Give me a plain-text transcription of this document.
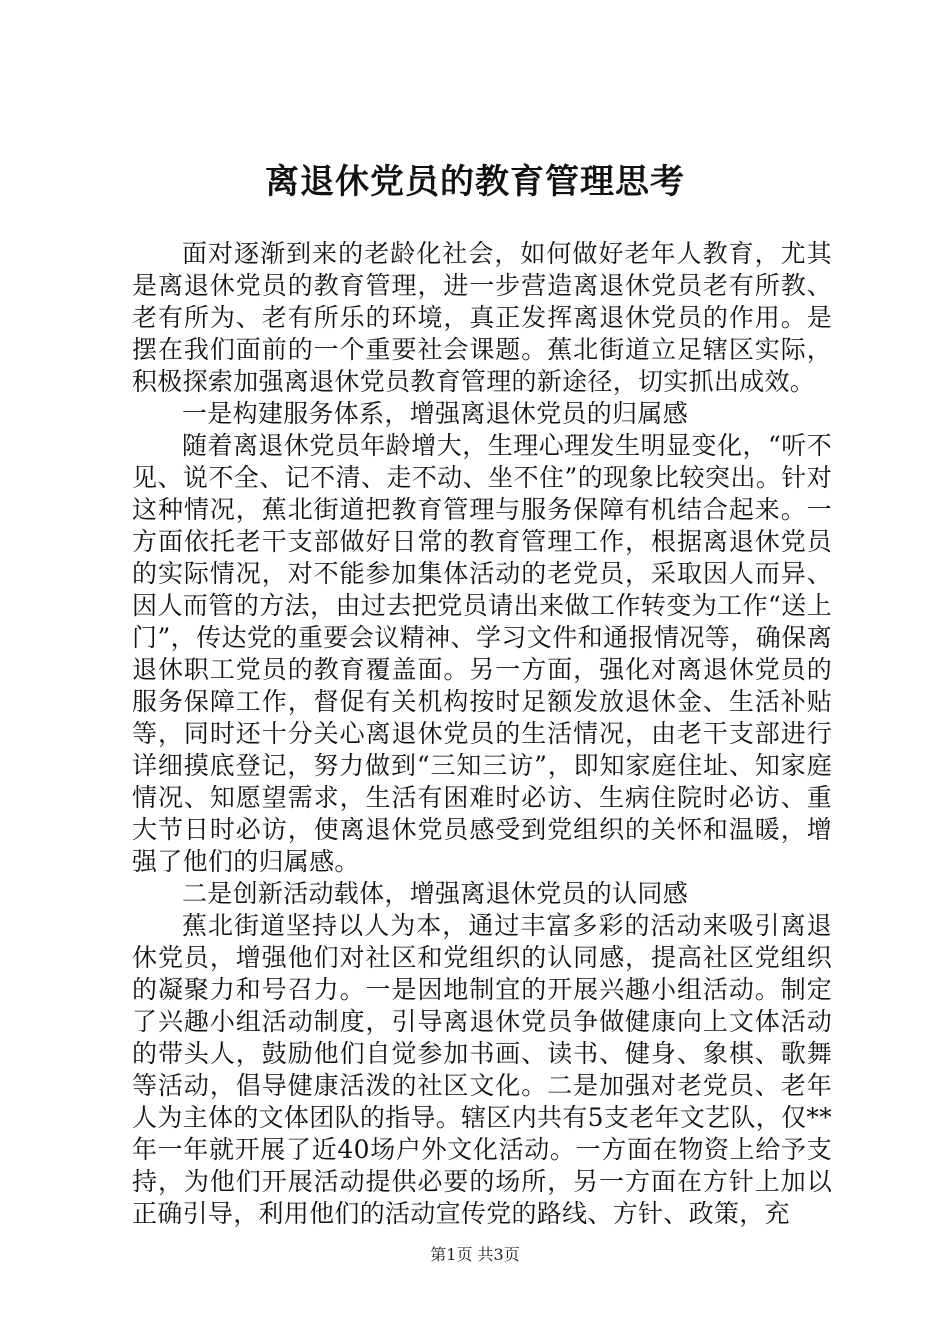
离退休党员的教育管理思考

面对逐渐到来的老龄化社会，如何做好老年人教育，尤其是离退休党员的教育管理，进一步营造离退休党员老有所教、老有所为、老有所乐的环境，真正发挥离退休党员的作用。是摆在我们面前的一个重要社会课题。蕉北街道立足辖区实际，积极探索加强离退休党员教育管理的新途径，切实抓出成效。

一是构建服务体系，增强离退休党员的归属感

随着离退休党员年龄增大，生理心理发生明显变化，“听不见、说不全、记不清、走不动、坐不住”的现象比较突出。针对这种情况，蕉北街道把教育管理与服务保障有机结合起来。一方面依托老干支部做好日常的教育管理工作，根据离退休党员的实际情况，对不能参加集体活动的老党员，采取因人而异、因人而管的方法，由过去把党员请出来做工作转变为工作“送上门”，传达党的重要会议精神、学习文件和通报情况等，确保离退休职工党员的教育覆盖面。另一方面，强化对离退休党员的服务保障工作，督促有关机构按时足额发放退休金、生活补贴等，同时还十分关心离退休党员的生活情况，由老干支部进行详细摸底登记，努力做到“三知三访”，即知家庭住址、知家庭情况、知愿望需求，生活有困难时必访、生病住院时必访、重大节日时必访，使离退休党员感受到党组织的关怀和温暖，增强了他们的归属感。

二是创新活动载体，增强离退休党员的认同感

蕉北街道坚持以人为本，通过丰富多彩的活动来吸引离退休党员，增强他们对社区和党组织的认同感，提高社区党组织的凝聚力和号召力。一是因地制宜的开展兴趣小组活动。制定了兴趣小组活动制度，引导离退休党员争做健康向上文体活动的带头人，鼓励他们自觉参加书画、读书、健身、象棋、歌舞等活动，倡导健康活泼的社区文化。二是加强对老党员、老年人为主体的文体团队的指导。辖区内共有5支老年文艺队，仅**年一年就开展了近40场户外文化活动。一方面在物资上给予支持，为他们开展活动提供必要的场所，另一方面在方针上加以正确引导，利用他们的活动宣传党的路线、方针、政策，充

第1页 共3页
